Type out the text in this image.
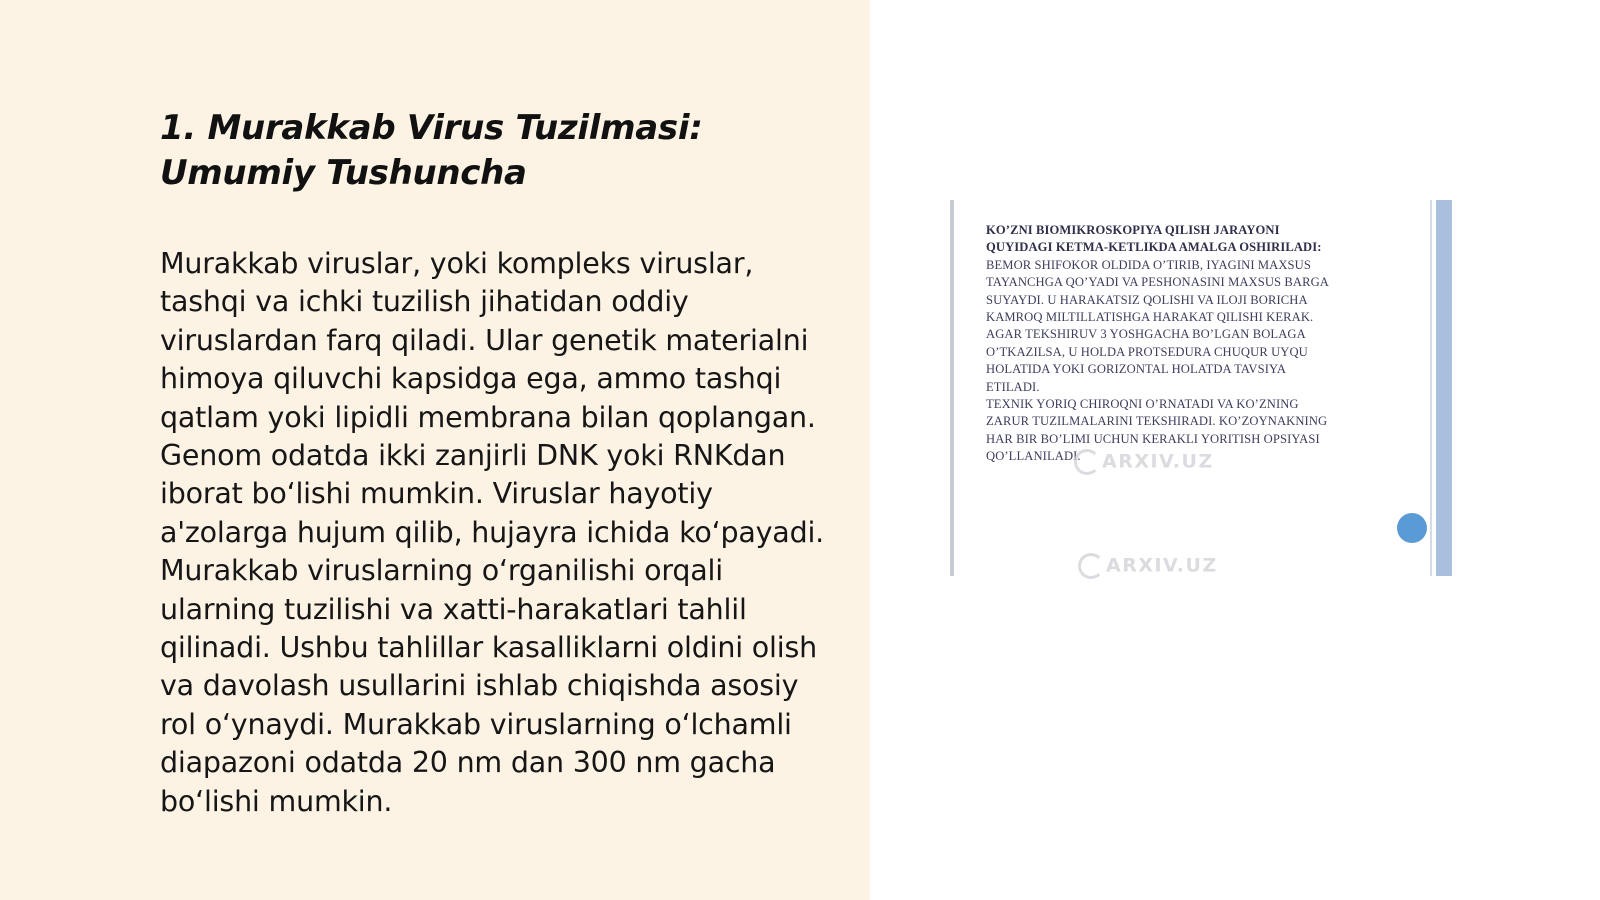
1. Murakkab Virus Tuzilmasi: Umumiy Tushuncha

Murakkab viruslar, yoki kompleks viruslar, tashqi va ichki tuzilish jihatidan oddiy viruslardan farq qiladi. Ular genetik materialni himoya qiluvchi kapsidga ega, ammo tashqi qatlam yoki lipidli membrana bilan qoplangan. Genom odatda ikki zanjirli DNK yoki RNKdan iborat bo‘lishi mumkin. Viruslar hayotiy a'zolarga hujum qilib, hujayra ichida ko‘payadi. Murakkab viruslarning o‘rganilishi orqali ularning tuzilishi va xatti-harakatlari tahlil qilinadi. Ushbu tahlillar kasalliklarni oldini olish va davolash usullarini ishlab chiqishda asosiy rol o‘ynaydi. Murakkab viruslarning o‘lchamli diapazoni odatda 20 nm dan 300 nm gacha bo‘lishi mumkin.

KO’ZNI BIOMIKROSKOPIYA QILISH JARAYONI
QUYIDAGI KETMA-KETLIKDA AMALGA OSHIRILADI:
BEMOR SHIFOKOR OLDIDA O’TIRIB, IYAGINI MAXSUS
TAYANCHGA QO’YADI VA PESHONASINI MAXSUS BARGA
SUYAYDI. U HARAKATSIZ QOLISHI VA ILOJI BORICHA
KAMROQ MILTILLATISHGA HARAKAT QILISHI KERAK.
AGAR TEKSHIRUV 3 YOSHGACHA BO’LGAN BOLAGA
O’TKAZILSA, U HOLDA PROTSEDURA CHUQUR UYQU
HOLATIDA YOKI GORIZONTAL HOLATDA TAVSIYA
ETILADI.
TEXNIK YORIQ CHIROQNI O’RNATADI VA KO’ZNING
ZARUR TUZILMALARINI TEKSHIRADI. KO’ZOYNAKNING
HAR BIR BO’LIMI UCHUN KERAKLI YORITISH OPSIYASI
QO’LLANILADI.	ARXIV.UZ
ARXIV.UZ
